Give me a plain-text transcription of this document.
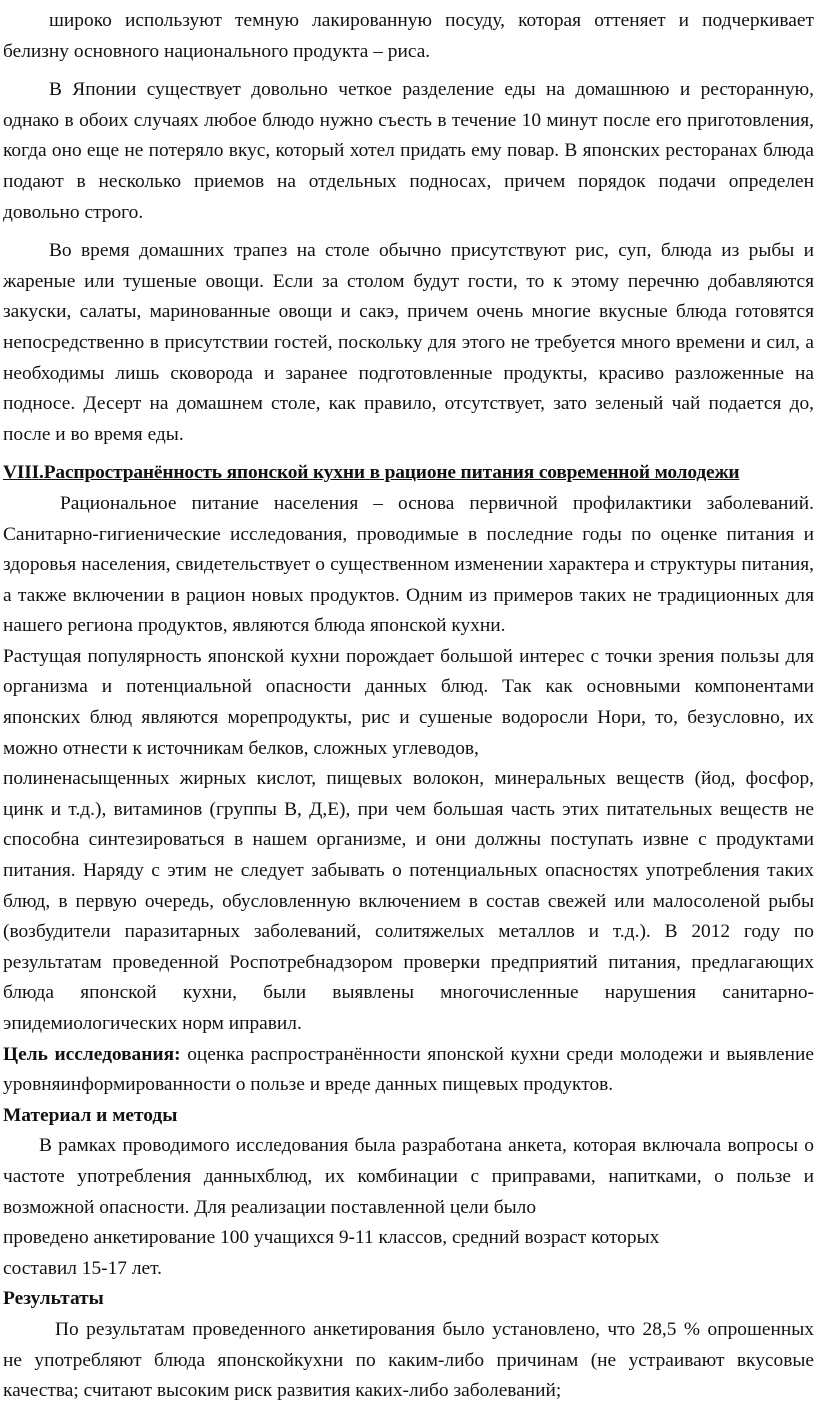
широко используют темную лакированную посуду, которая оттеняет и подчеркивает белизну основного национального продукта – риса.

В Японии существует довольно четкое разделение еды на домашнюю и ресторанную, однако в обоих случаях любое блюдо нужно съесть в течение 10 минут после его приготовления, когда оно еще не потеряло вкус, который хотел придать ему повар. В японских ресторанах блюда подают в несколько приемов на отдельных подносах, причем порядок подачи определен довольно строго.

Во время домашних трапез на столе обычно присутствуют рис, суп, блюда из рыбы и жареные или тушеные овощи. Если за столом будут гости, то к этому перечню добавляются закуски, салаты, маринованные овощи и сакэ, причем очень многие вкусные блюда готовятся непосредственно в присутствии гостей, поскольку для этого не требуется много времени и сил, а необходимы лишь сковорода и заранее подготовленные продукты, красиво разложенные на подносе. Десерт на домашнем столе, как правило, отсутствует, зато зеленый чай подается до, после и во время еды.

VIII.Распространённость японской кухни в рационе питания современной молодежи

Рациональное питание населения – основа первичной профилактики заболеваний. Санитарно-гигиенические исследования, проводимые в последние годы по оценке питания и здоровья населения, свидетельствует о существенном изменении характера и структуры питания, а также включении в рацион новых продуктов. Одним из примеров таких не традиционных для нашего региона продуктов, являются блюда японской кухни.

Растущая популярность японской кухни порождает большой интерес с точки зрения пользы для организма и потенциальной опасности данных блюд. Так как основными компонентами японских блюд являются морепродукты, рис и сушеные водоросли Нори, то, безусловно, их можно отнести к источникам белков, сложных углеводов,

полиненасыщенных жирных кислот, пищевых волокон, минеральных веществ (йод, фосфор, цинк и т.д.), витаминов (группы В, Д,Е), при чем большая часть этих питательных веществ не способна синтезироваться в нашем организме, и они должны поступать извне с продуктами питания. Наряду с этим не следует забывать о потенциальных опасностях употребления таких блюд, в первую очередь, обусловленную включением в состав свежей или малосоленой рыбы (возбудители паразитарных заболеваний, солитяжелых металлов и т.д.). В 2012 году по результатам проведенной Роспотребнадзором проверки предприятий питания, предлагающих блюда японской кухни, были выявлены многочисленные нарушения санитарно-эпидемиологических норм иправил.

Цель исследования: оценка распространённости японской кухни среди молодежи и выявление уровняинформированности о пользе и вреде данных пищевых продуктов.

Материал и методы

В рамках проводимого исследования была разработана анкета, которая включала вопросы о частоте употребления данныхблюд, их комбинации с приправами, напитками, о пользе и возможной опасности. Для реализации поставленной цели было

проведено анкетирование 100 учащихся 9-11 классов, средний возраст которых
составил 15-17 лет.

Результаты

По результатам проведенного анкетирования было установлено, что 28,5 % опрошенных не употребляют блюда японскойкухни по каким-либо причинам (не устраивают вкусовые качества; считают высоким риск развития каких-либо заболеваний;
